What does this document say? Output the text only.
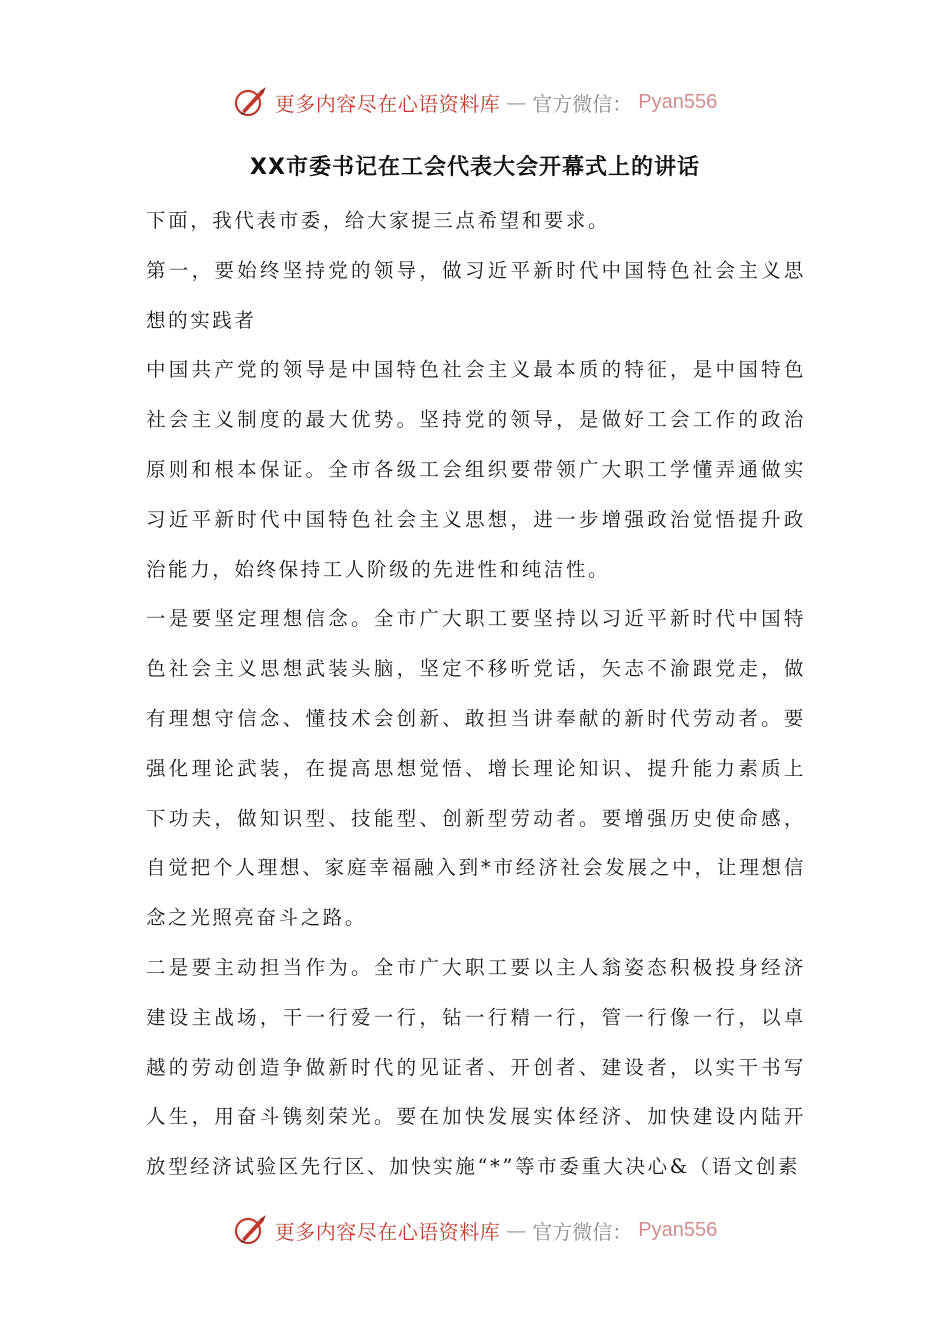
更多内容尽在心语资料库 — 官方微信： Pyan556
XX市委书记在工会代表大会开幕式上的讲话

下面，我代表市委，给大家提三点希望和要求。

第一，要始终坚持党的领导，做习近平新时代中国特色社会主义思想的实践者

中国共产党的领导是中国特色社会主义最本质的特征，是中国特色社会主义制度的最大优势。坚持党的领导，是做好工会工作的政治原则和根本保证。全市各级工会组织要带领广大职工学懂弄通做实习近平新时代中国特色社会主义思想，进一步增强政治觉悟提升政治能力，始终保持工人阶级的先进性和纯洁性。

一是要坚定理想信念。全市广大职工要坚持以习近平新时代中国特色社会主义思想武装头脑，坚定不移听党话，矢志不渝跟党走，做有理想守信念、懂技术会创新、敢担当讲奉献的新时代劳动者。要强化理论武装，在提高思想觉悟、增长理论知识、提升能力素质上下功夫，做知识型、技能型、创新型劳动者。要增强历史使命感，自觉把个人理想、家庭幸福融入到*市经济社会发展之中，让理想信念之光照亮奋斗之路。

二是要主动担当作为。全市广大职工要以主人翁姿态积极投身经济建设主战场，干一行爱一行，钻一行精一行，管一行像一行，以卓越的劳动创造争做新时代的见证者、开创者、建设者，以实干书写人生，用奋斗镌刻荣光。要在加快发展实体经济、加快建设内陆开放型经济试验区先行区、加快实施“*”等市委重大决心&（语文创素

更多内容尽在心语资料库 — 官方微信： Pyan556
